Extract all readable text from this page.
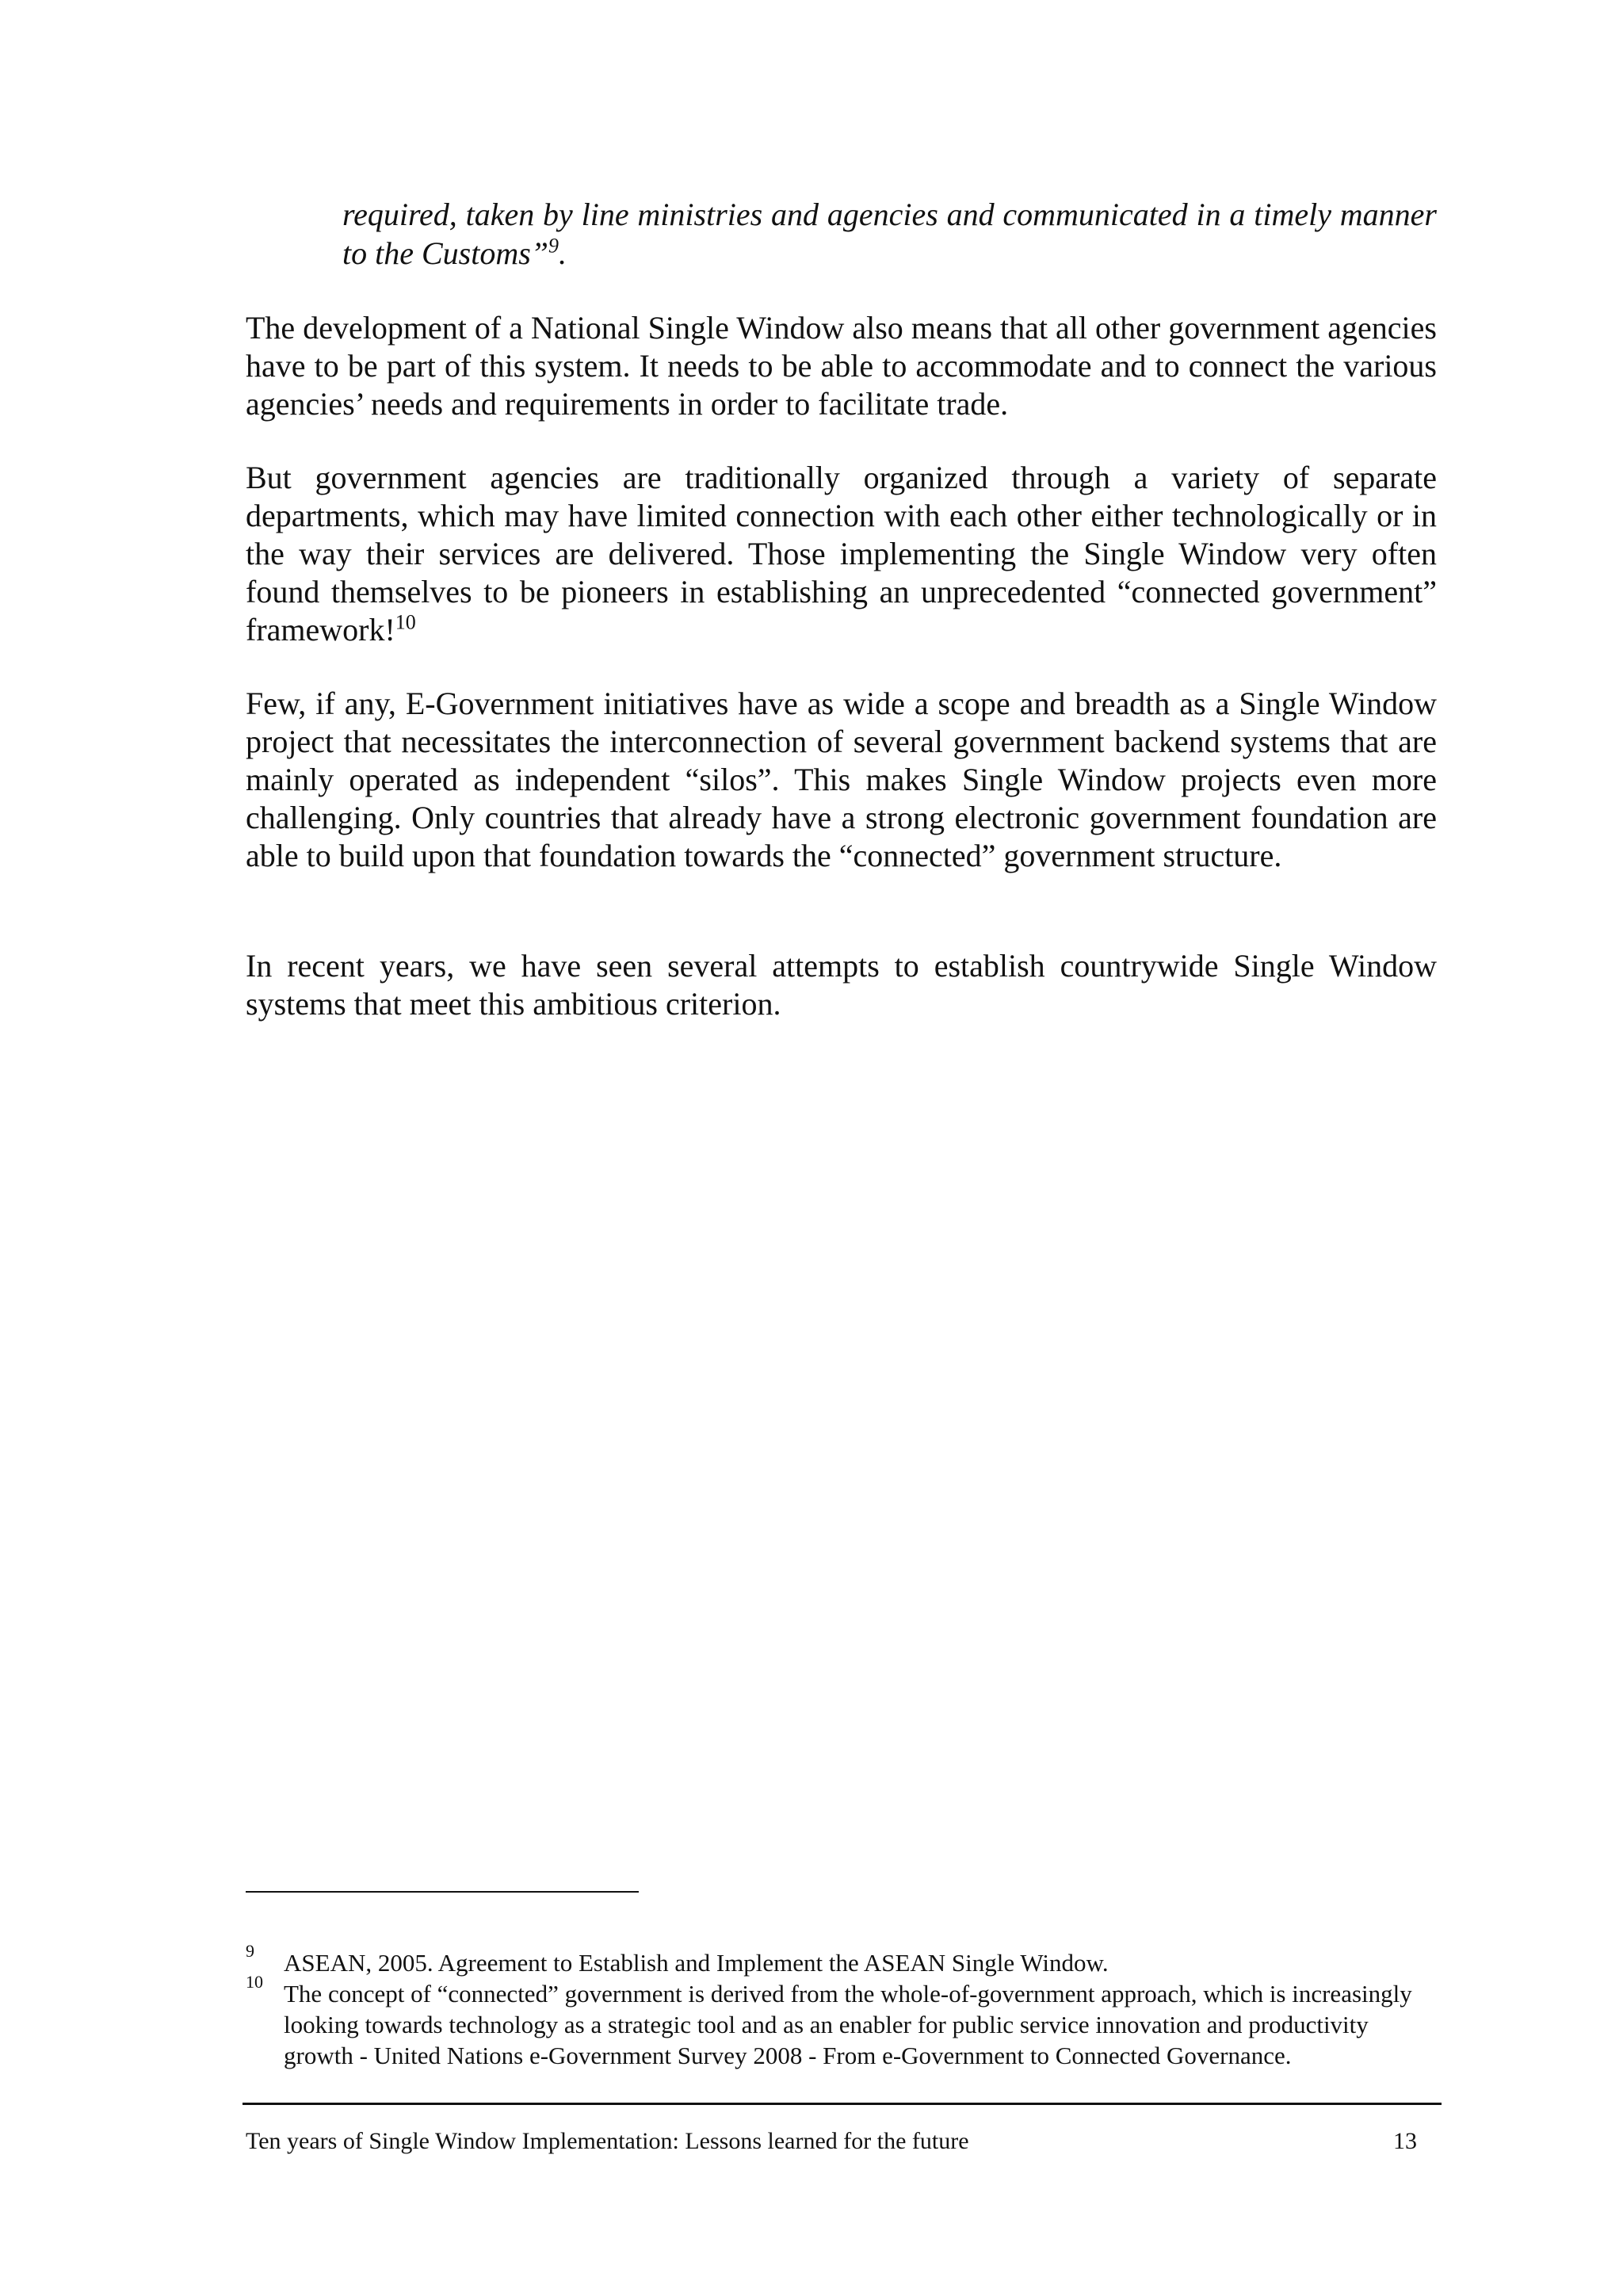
required, taken by line ministries and agencies and communicated in a timely manner to the Customs”$^9$.

The development of a National Single Window also means that all other government agencies have to be part of this system. It needs to be able to accommodate and to connect the various agencies’ needs and requirements in order to facilitate trade.

But government agencies are traditionally organized through a variety of separate departments, which may have limited connection with each other either technologically or in the way their services are delivered. Those implementing the Single Window very often found themselves to be pioneers in establishing an unprecedented “connected government” framework!$^{10}$

Few, if any, E-Government initiatives have as wide a scope and breadth as a Single Window project that necessitates the interconnection of several government backend systems that are mainly operated as independent “silos”. This makes Single Window projects even more challenging. Only countries that already have a strong electronic government foundation are able to build upon that foundation towards the “connected” government structure.

In recent years, we have seen several attempts to establish countrywide Single Window systems that meet this ambitious criterion.

9 ASEAN, 2005. Agreement to Establish and Implement the ASEAN Single Window.
10 The concept of “connected” government is derived from the whole-of-government approach, which is increasingly looking towards technology as a strategic tool and as an enabler for public service innovation and productivity growth - United Nations e-Government Survey 2008 - From e-Government to Connected Governance.

Ten years of Single Window Implementation: Lessons learned for the future	13
